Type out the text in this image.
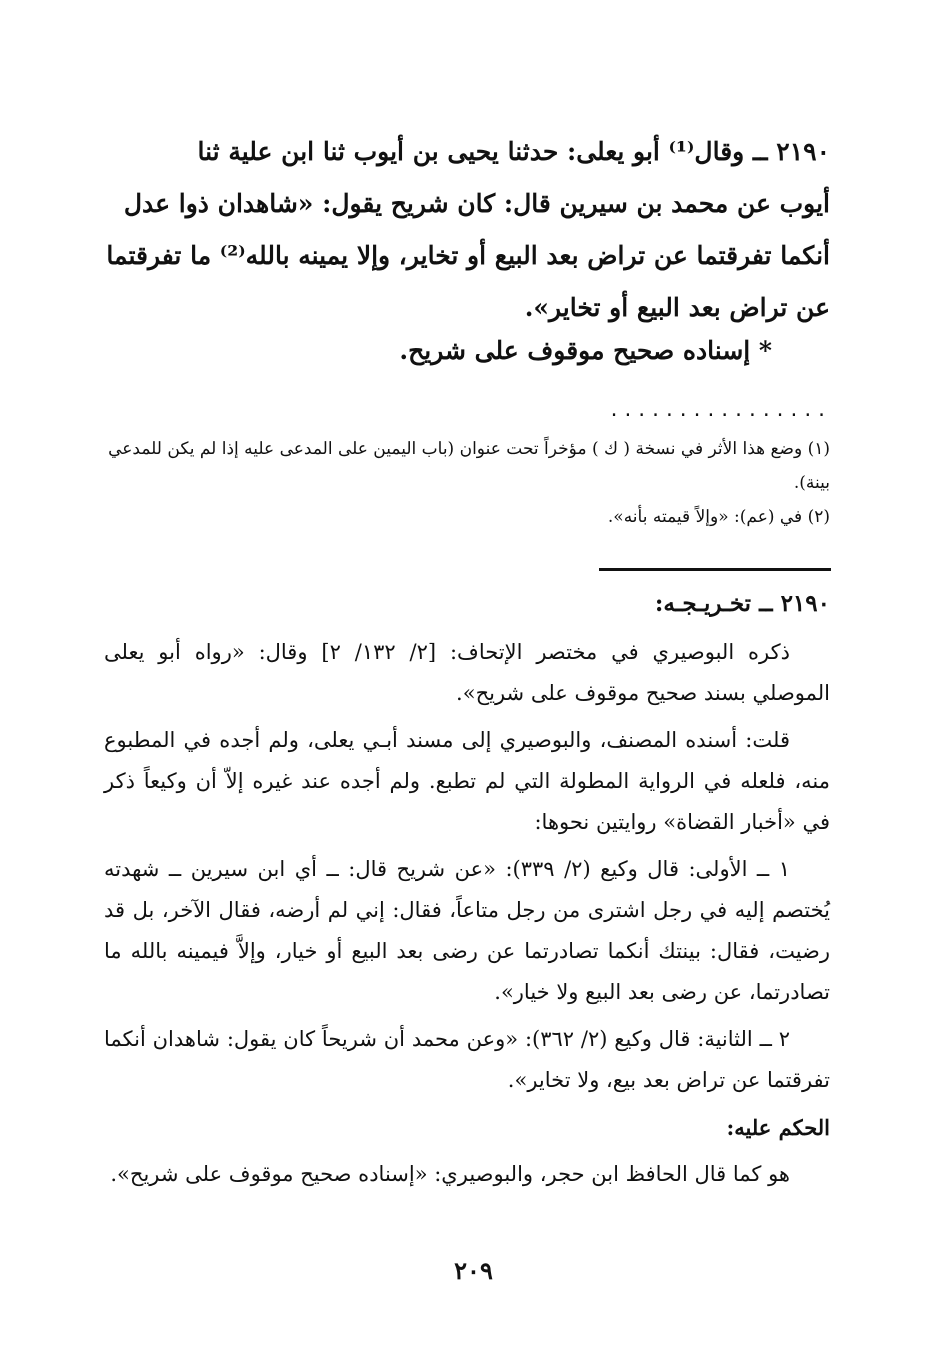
٢١٩٠ ــ وقال⁽¹⁾ أبو يعلى: حدثنا يحيى بن أيوب ثنا ابن علية ثنا

أيوب عن محمد بن سيرين قال: كان شريح يقول: «شاهدان ذوا عدل

أنكما تفرقتما عن تراض بعد البيع أو تخاير، وإلا يمينه بالله⁽²⁾ ما تفرقتما

عن تراض بعد البيع أو تخاير».

* إسناده صحيح موقوف على شريح.
................

(١) وضع هذا الأثر في نسخة ( ك ) مؤخراً تحت عنوان (باب اليمين على المدعى عليه إذا لم يكن للمدعي بينة).

(٢) في (عم): «وإلاً قيمته بأنه».

٢١٩٠ ــ تخـريـجـه:

ذكره البوصيري في مختصر الإتحاف: [٢/ ١٣٢/ ٢] وقال: «رواه أبو يعلى الموصلي بسند صحيح موقوف على شريح».

قلت: أسنده المصنف، والبوصيري إلى مسند أبـي يعلى، ولم أجده في المطبوع منه، فلعله في الرواية المطولة التي لم تطبع. ولم أجده عند غيره إلاّ أن وكيعاً ذكر في «أخبار القضاة» روايتين نحوها:

١ ــ الأولى: قال وكيع (٢/ ٣٣٩): «عن شريح قال: ــ أي ابن سيرين ــ شهدته يُختصم إليه في رجل اشترى من رجل متاعاً، فقال: إني لم أرضه، فقال الآخر، بل قد رضيت، فقال: بينتك أنكما تصادرتما عن رضى بعد البيع أو خيار، وإلاَّ فيمينه بالله ما تصادرتما، عن رضى بعد البيع ولا خيار».

٢ ــ الثانية: قال وكيع (٢/ ٣٦٢): «وعن محمد أن شريحاً كان يقول: شاهدان أنكما تفرقتما عن تراض بعد بيع، ولا تخاير».

الحكم عليه:

هو كما قال الحافظ ابن حجر، والبوصيري: «إسناده صحيح موقوف على شريح».

٢٠٩
